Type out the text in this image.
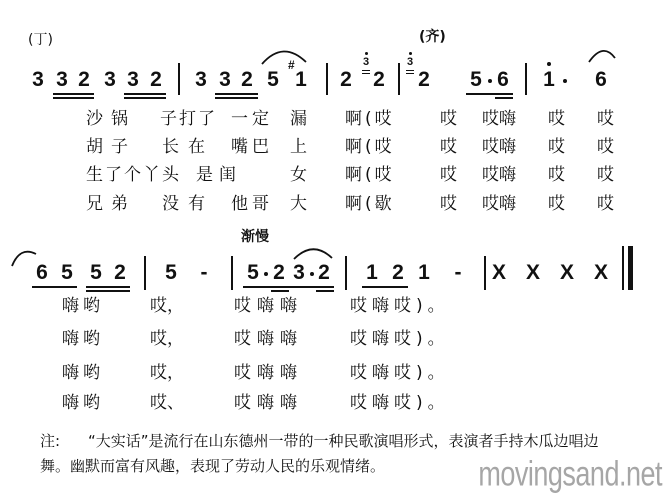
(丁)	(齐)
3 3 2 3 3 2 3 3 2 5
#
1 2
3
2
3
2 5 6 1 6
沙锅 子打了 一定 漏 啊(哎	哎 哎嗨 哎 哎
胡子 长在 嘴巴 上 啊(哎	哎 哎嗨 哎 哎
生了个丫头 是闺	女 啊(哎	哎 哎嗨 哎 哎
兄弟 没有 他哥 大 啊(歇	哎 哎嗨 哎 哎
渐慢
6 5 5 2 5	-	5 2 3 2 1 2 1	-	X X X X
嗨哟	哎，	哎嗨嗨	哎嗨哎)。
嗨哟	哎，	哎嗨嗨	哎嗨哎)。
嗨哟	哎，	哎嗨嗨	哎嗨哎)。
嗨哟	哎、	哎嗨嗨	哎嗨哎)。
注: “大实话”是流行在山东德州一带的一种民歌演唱形式，表演者手持木瓜边唱边
舞。幽默而富有风趣，表现了劳动人民的乐观情绪。	movingsand.net
